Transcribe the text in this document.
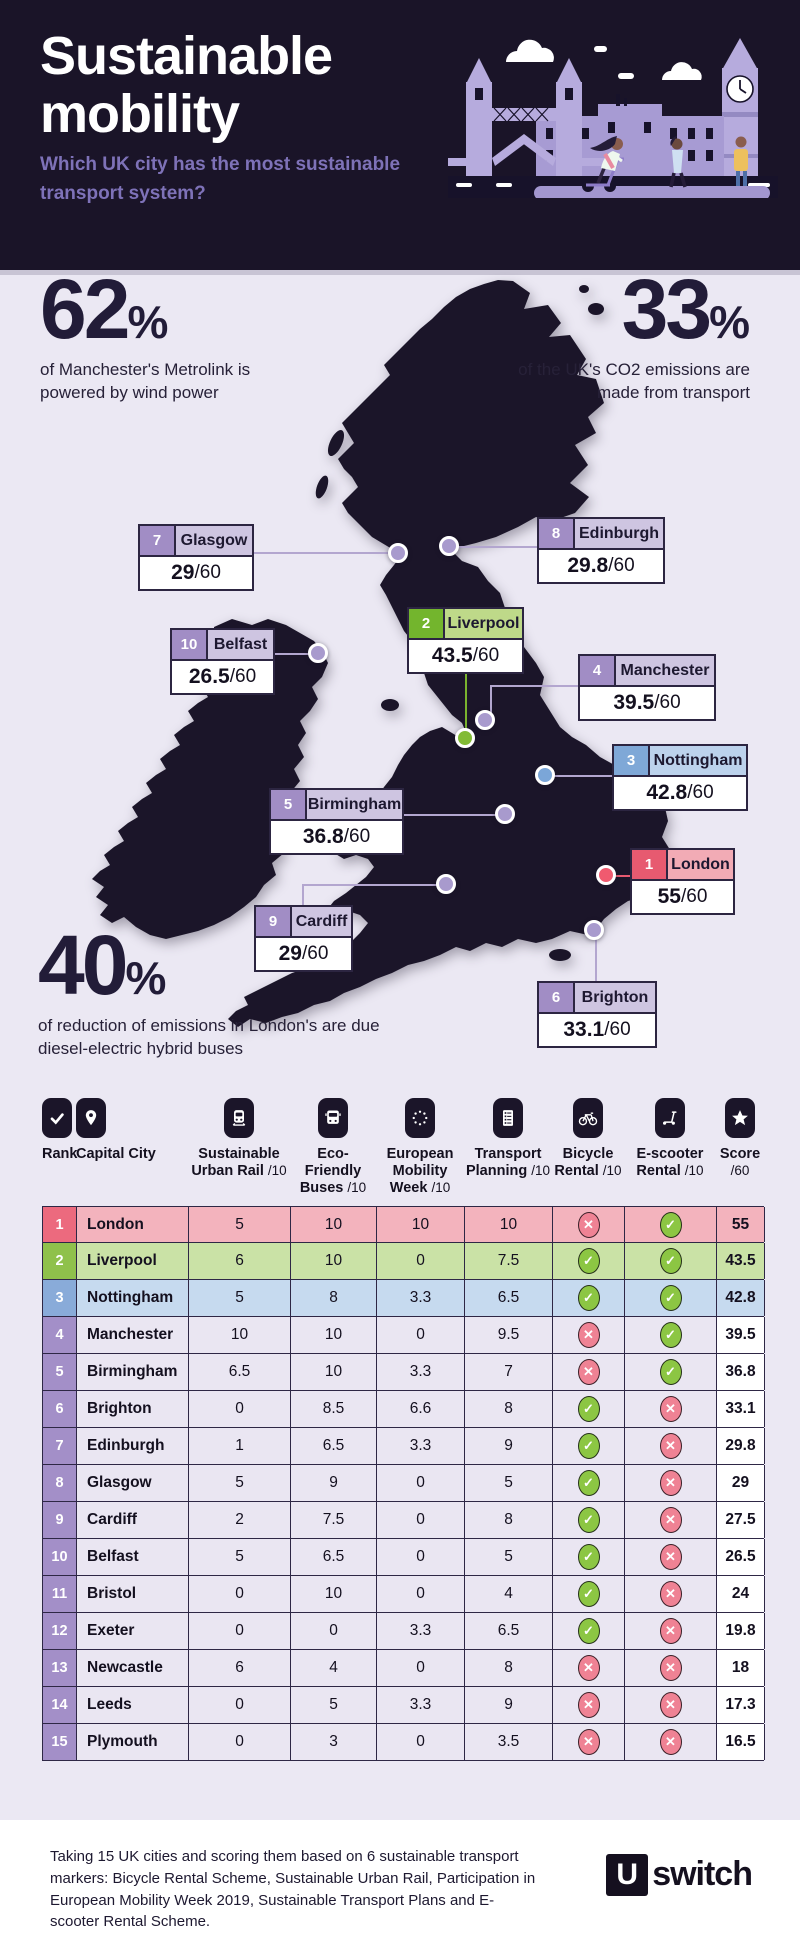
Sustainable mobility
Which UK city has the most sustainable transport system?
62%
of Manchester's Metrolink is powered by wind power
33%
of the UK's CO2 emissions are made from transport
40%
of reduction of emissions in London's are due diesel-electric hybrid buses
1	London
55 /60
2	Liverpool
43.5 /60
3	Nottingham
42.8 /60
4	Manchester
39.5 /60
5 Birmingham
36.8 /60
6	Brighton
33.1 /60
7	Glasgow
29 /60
8	Edinburgh
29.8 /60
9	Cardiff
29 /60
10	Belfast
26.5 /60
Rank
Capital City	Sustainable Urban Rail /10
Eco-Friendly Buses /10
European Mobility Week /10
Transport Planning /10
Bicycle Rental /10
E-scooter Rental /10
Score /60
1	London	5	10	10	10	✕	✓	55
2	Liverpool	6	10	0	7.5	✓	✓	43.5
3	Nottingham	5	8	3.3	6.5	✓	✓	42.8
4	Manchester	10	10	0	9.5	✕	✓	39.5
5	Birmingham	6.5	10	3.3	7	✕	✓	36.8
6	Brighton	0	8.5	6.6	8	✓	✕	33.1
7	Edinburgh	1	6.5	3.3	9	✓	✕	29.8
8	Glasgow	5	9	0	5	✓	✕	29
9	Cardiff	2	7.5	0	8	✓	✕	27.5
10	Belfast	5	6.5	0	5	✓	✕	26.5
11	Bristol	0	10	0	4	✓	✕	24
12	Exeter	0	0	3.3	6.5	✓	✕	19.8
13	Newcastle	6	4	0	8	✕	✕	18
14	Leeds	0	5	3.3	9	✕	✕	17.3
15	Plymouth	0	3	0	3.5	✕	✕	16.5
Taking 15 UK cities and scoring them based on 6 sustainable transport markers: Bicycle Rental Scheme, Sustainable Urban Rail, Participation in European Mobility Week 2019, Sustainable Transport Plans and E-scooter Rental Scheme.
U switch
